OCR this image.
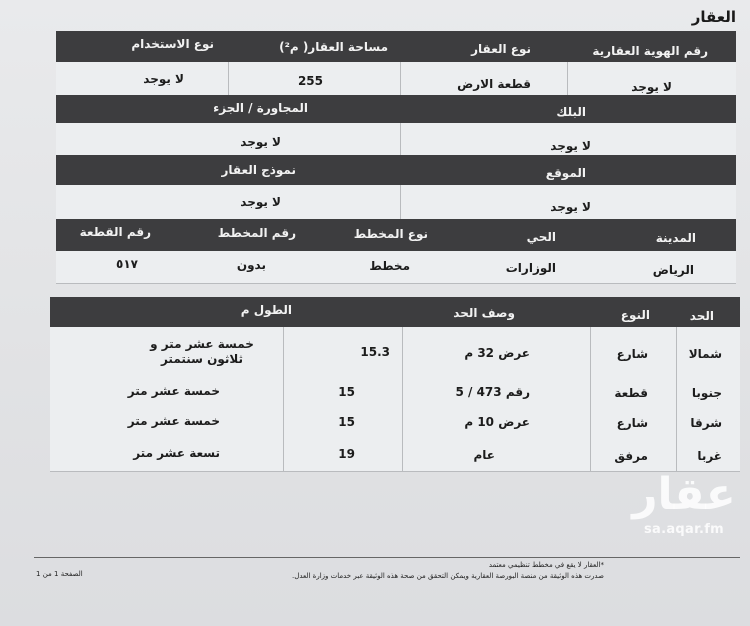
العقار
رقم الهوية العقارية
نوع العقار
مساحة العقار( م²)
نوع الاستخدام
لا يوجد
قطعة الارض
255
لا يوجد
البلك
المجاورة / الجزء
لا يوجد
لا يوجد
الموقع
نموذج العقار
لا يوجد
لا يوجد
المدينة
الحي
نوع المخطط
رقم المخطط
رقم القطعة
الرياض
الوزارات
مخطط
بدون
٥١٧
الحد
النوع
وصف الحد
الطول م
شمالا
شارع
عرض 32 م
15.3
خمسة عشر متر و ثلاثون سنتمتر
جنوبا
قطعة
رقم 473 / 5
15
خمسة عشر متر
شرقا
شارع
عرض 10 م
15
خمسة عشر متر
غربا
مرفق
عام
19
تسعة عشر متر
عقار
sa.aqar.fm
*العقار لا يقع في مخطط تنظيمي معتمد
صدرت هذه الوثيقة من منصة البورصة العقارية ويمكن التحقق من صحة هذه الوثيقة عبر خدمات وزارة العدل.
الصفحة 1 من 1
